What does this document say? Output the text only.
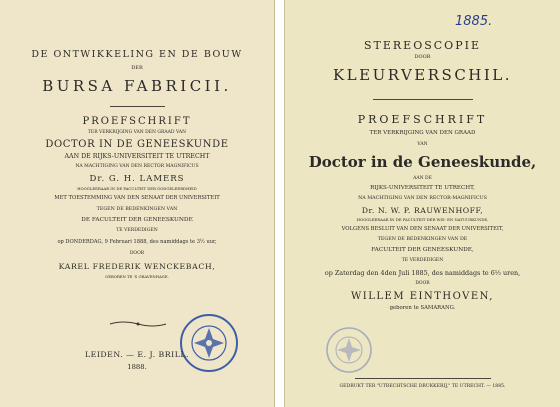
DE ONTWIKKELING EN DE BOUW
DER
BURSA FABRICII.
PROEFSCHRIFT
TER VERKRIJGING VAN DEN GRAAD VAN
DOCTOR IN DE GENEESKUNDE
AAN DE RIJKS-UNIVERSITEIT TE UTRECHT
NA MACHTIGING VAN DEN RECTOR MAGNIFICUS
Dr. G. H. LAMERS
HOOGLEERAAR IN DE FACULTEIT DER GODGELEERDHEID
MET TOESTEMMING VAN DEN SENAAT DER UNIVERSITEIT
TEGEN DE BEDENKINGEN VAN
DE FACULTEIT DER GENEESKUNDE
TE VERDEDIGEN
op DONDERDAG, 9 Februari 1888, des namiddags te 3½ uur,
DOOR
KAREL FREDERIK WENCKEBACH,
GEBOREN TE 'S GRAVENHAGE.
LEIDEN. — E. J. BRILL.
1888.
1885.
STEREOSCOPIE
DOOR
KLEURVERSCHIL.
PROEFSCHRIFT
TER VERKRIJGING VAN DEN GRAAD
VAN
Doctor in de Geneeskunde,
AAN DE
RIJKS-UNIVERSITEIT TE UTRECHT,
NA MACHTIGING VAN DEN RECTOR-MAGNIFICUS
Dr. N. W. P. RAUWENHOFF,
HOOGLEERAAR IN DE FACULTEIT DER WIS- EN NATUURKUNDE,
VOLGENS BESLUIT VAN DEN SENAAT DER UNIVERSITEIT,
TEGEN DE BEDENKINGEN VAN DE
FACULTEIT DER GENEESKUNDE,
TE VERDEDIGEN
op Zaterdag den 4den Juli 1885, des namiddags te 6½ uren,
DOOR
WILLEM EINTHOVEN,
geboren te SAMARANG.
GEDRUKT TER "UTRECHTSCHE DRUKKERIJ," TE UTRECHT. — 1885.
